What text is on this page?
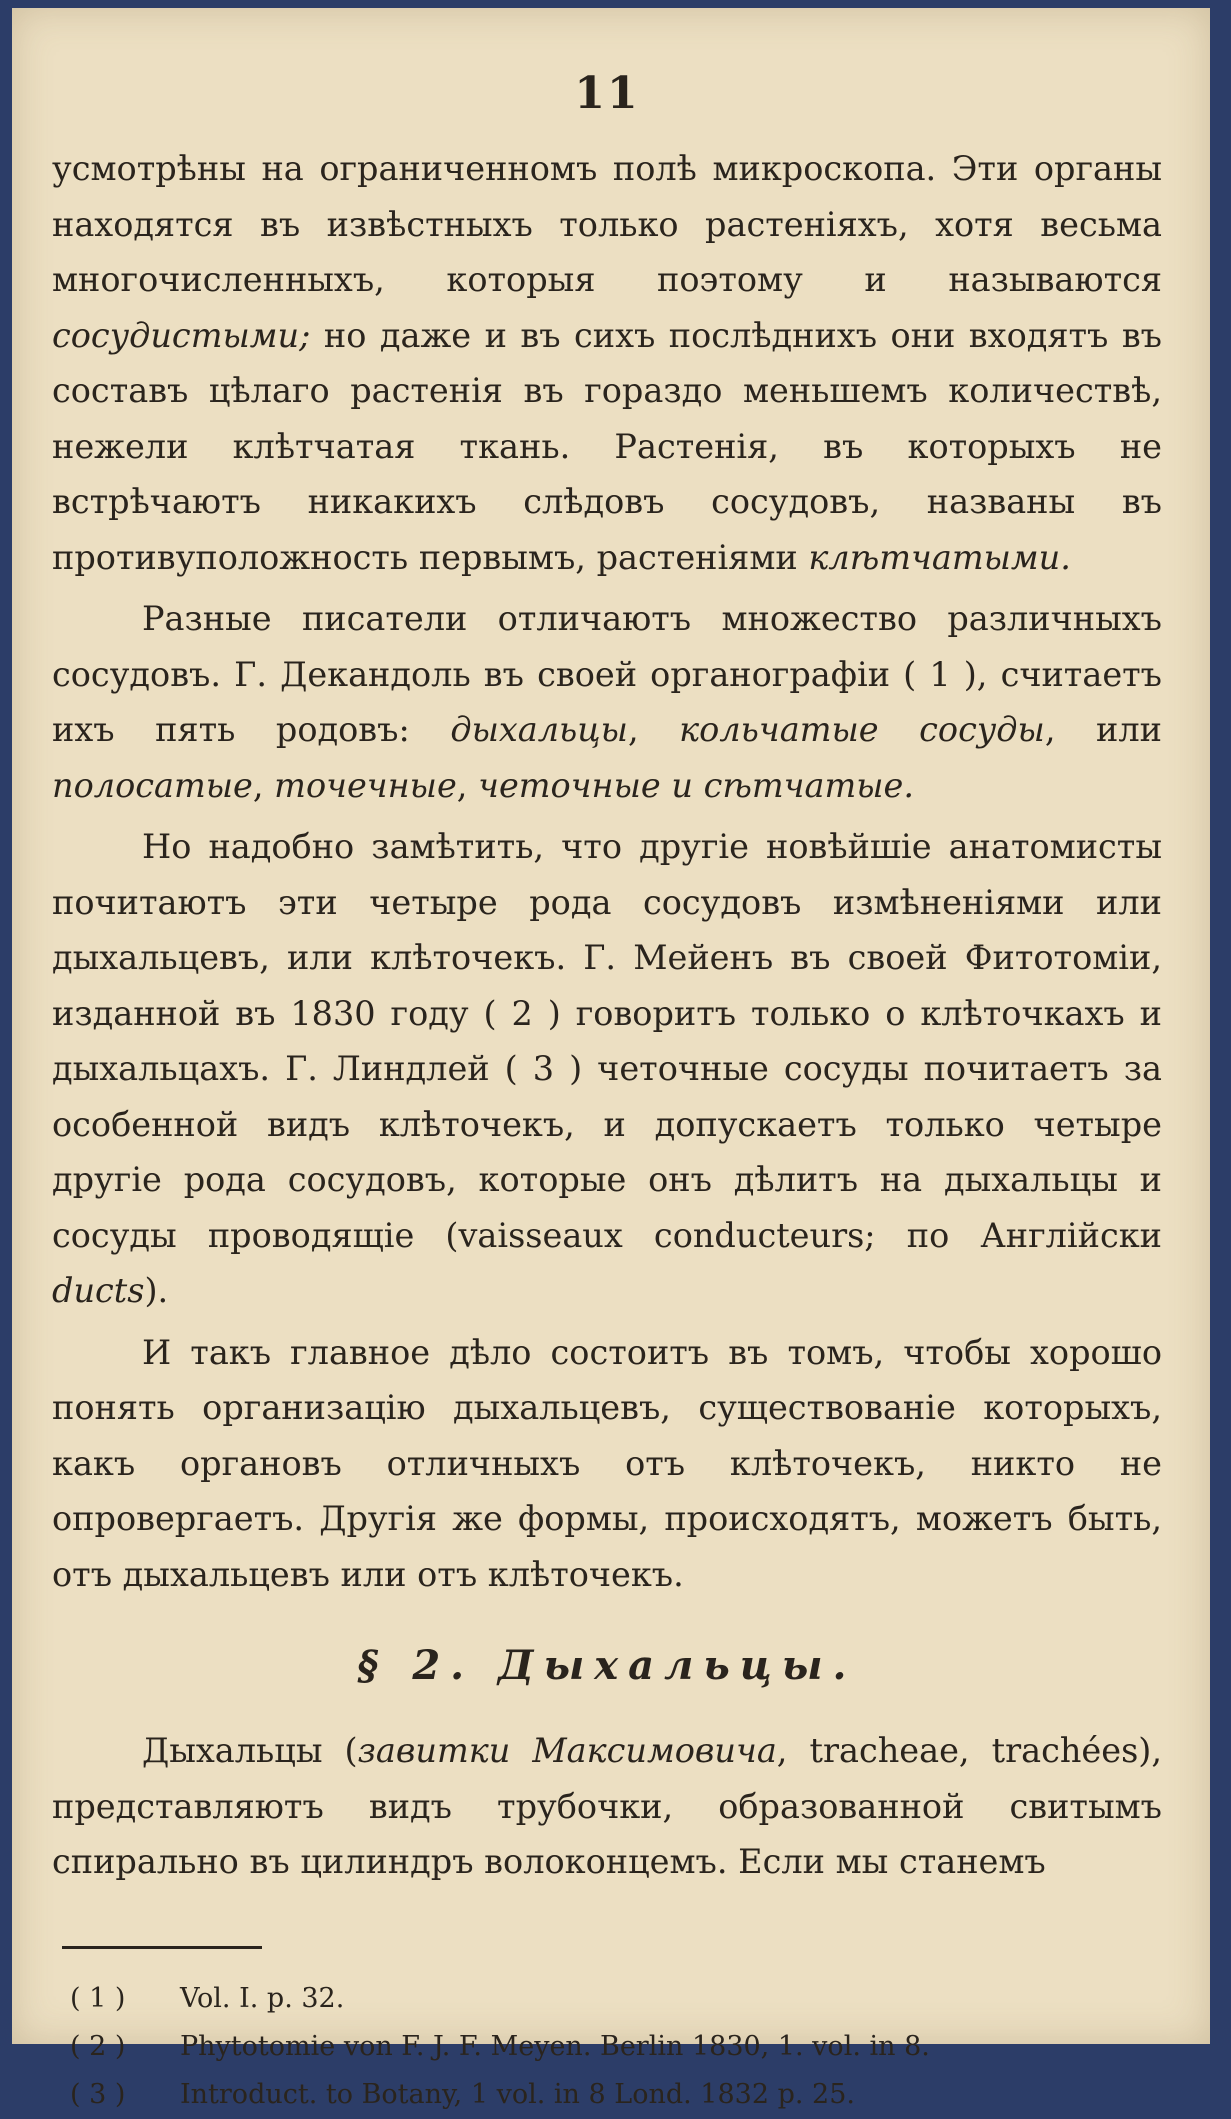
11

усмотрѣны на ограниченномъ полѣ микроскопа. Эти органы находятся въ извѣстныхъ только растеніяхъ, хотя весьма многочисленныхъ, которыя поэтому и называются сосудистыми; но даже и въ сихъ послѣднихъ они входятъ въ составъ цѣлаго растенія въ гораздо меньшемъ количествѣ, нежели клѣтчатая ткань. Растенія, въ которыхъ не встрѣчаютъ никакихъ слѣдовъ сосудовъ, названы въ противуположность первымъ, растеніями клѣтчатыми.

Разные писатели отличаютъ множество различныхъ сосудовъ. Г. Декандоль въ своей органографіи ( 1 ), считаетъ ихъ пять родовъ: дыхальцы, кольчатые сосуды, или полосатые, точечные, четочные и сѣтчатые.

Но надобно замѣтить, что другіе новѣйшіе анатомисты почитаютъ эти четыре рода сосудовъ измѣненіями или дыхальцевъ, или клѣточекъ. Г. Мейенъ въ своей Фитотоміи, изданной въ 1830 году ( 2 ) говоритъ только о клѣточкахъ и дыхальцахъ. Г. Линдлей ( 3 ) четочные сосуды почитаетъ за особенной видъ клѣточекъ, и допускаетъ только четыре другіе рода сосудовъ, которые онъ дѣлитъ на дыхальцы и сосуды проводящіе (vaisseaux conducteurs; по Англійски ducts).

И такъ главное дѣло состоитъ въ томъ, чтобы хорошо понять организацію дыхальцевъ, существованіе которыхъ, какъ органовъ отличныхъ отъ клѣточекъ, никто не опровергаетъ. Другія же формы, происходятъ, можетъ быть, отъ дыхальцевъ или отъ клѣточекъ.

§ 2. Дыхальцы.

Дыхальцы (завитки Максимовича, tracheae, trachées), представляютъ видъ трубочки, образованной свитымъ спирально въ цилиндръ волоконцемъ. Если мы станемъ

( 1 ) Vol. I. p. 32.
( 2 ) Phytotomie von F. J. F. Meyen. Berlin 1830, 1. vol. in 8.
( 3 ) Introduct. to Botany, 1 vol. in 8 Lond. 1832 p. 25.
